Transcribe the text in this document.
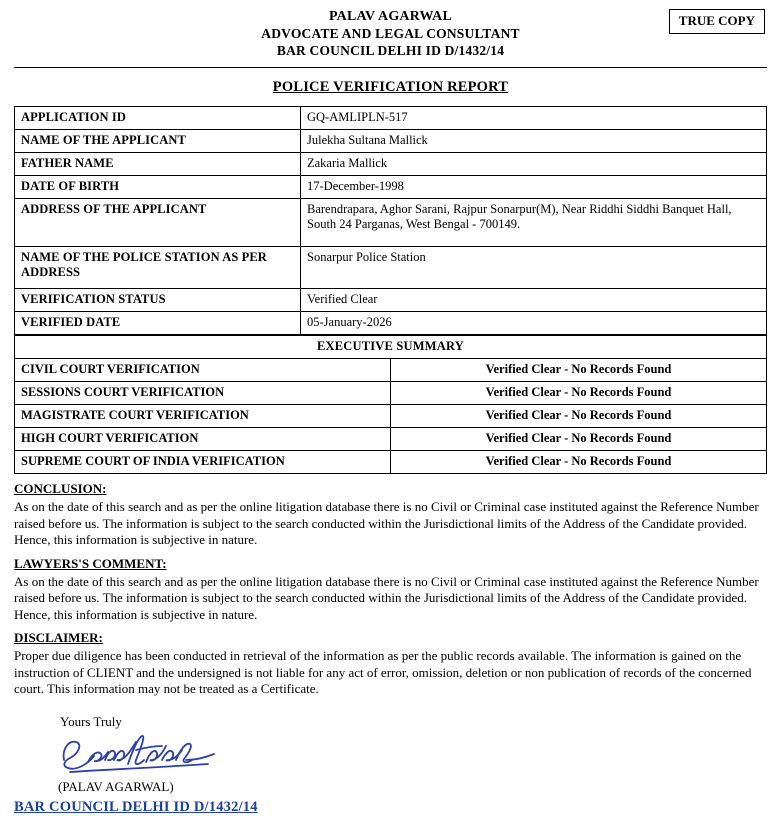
PALAV AGARWAL
ADVOCATE AND LEGAL CONSULTANT
BAR COUNCIL DELHI ID D/1432/14
TRUE COPY
POLICE VERIFICATION REPORT
APPLICATION ID	GQ-AMLIPLN-517
NAME OF THE APPLICANT	Julekha Sultana Mallick
FATHER NAME	Zakaria Mallick
DATE OF BIRTH	17-December-1998
ADDRESS OF THE APPLICANT	Barendrapara, Aghor Sarani, Rajpur Sonarpur(M), Near Riddhi Siddhi Banquet Hall, South 24 Parganas, West Bengal - 700149.
NAME OF THE POLICE STATION AS PER ADDRESS	Sonarpur Police Station
VERIFICATION STATUS	Verified Clear
VERIFIED DATE	05-January-2026
EXECUTIVE SUMMARY	
CIVIL COURT VERIFICATION	Verified Clear - No Records Found
SESSIONS COURT VERIFICATION	Verified Clear - No Records Found
MAGISTRATE COURT VERIFICATION	Verified Clear - No Records Found
HIGH COURT VERIFICATION	Verified Clear - No Records Found
SUPREME COURT OF INDIA VERIFICATION	Verified Clear - No Records Found
CONCLUSION:
As on the date of this search and as per the online litigation database there is no Civil or Criminal case instituted against the Reference Number raised before us. The information is subject to the search conducted within the Jurisdictional limits of the Address of the Candidate provided. Hence, this information is subjective in nature.
LAWYERS'S COMMENT:
As on the date of this search and as per the online litigation database there is no Civil or Criminal case instituted against the Reference Number raised before us. The information is subject to the search conducted within the Jurisdictional limits of the Address of the Candidate provided. Hence, this information is subjective in nature.
DISCLAIMER:
Proper due diligence has been conducted in retrieval of the information as per the public records available. The information is gained on the instruction of CLIENT and the undersigned is not liable for any act of error, omission, deletion or non publication of records of the concerned court. This information may not be treated as a Certificate.
Yours Truly
(PALAV AGARWAL)
BAR COUNCIL DELHI ID D/1432/14
